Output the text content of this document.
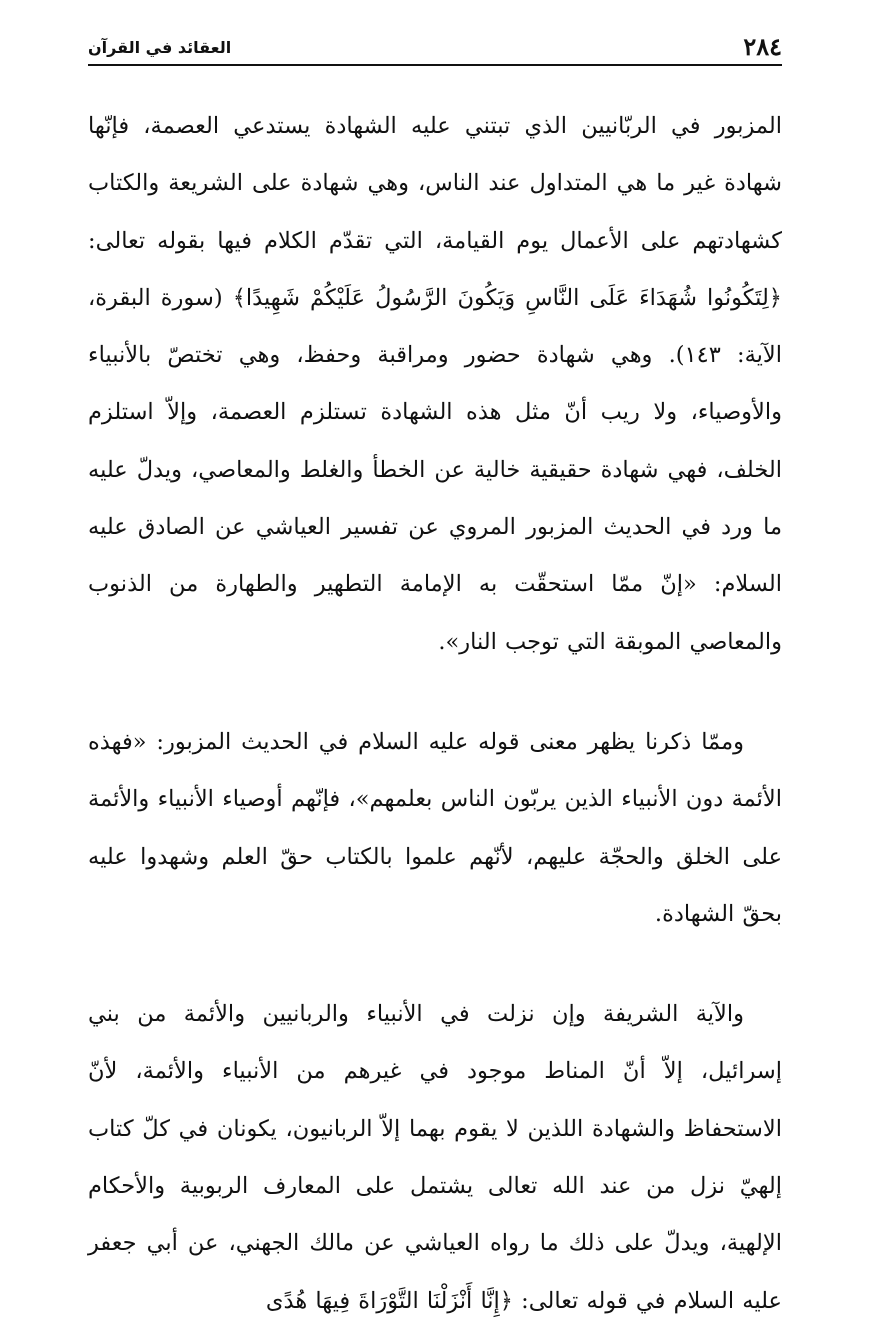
٢٨٤
العقائد في القرآن

المزبور في الربّانيين الذي تبتني عليه الشهادة يستدعي العصمة، فإنّها شهادة غير ما هي المتداول عند الناس، وهي شهادة على الشريعة والكتاب كشهادتهم على الأعمال يوم القيامة، التي تقدّم الكلام فيها بقوله تعالى: ﴿لِتَكُونُوا شُهَدَاءَ عَلَى النَّاسِ وَيَكُونَ الرَّسُولُ عَلَيْكُمْ شَهِيدًا﴾ (سورة البقرة، الآية: ١٤٣). وهي شهادة حضور ومراقبة وحفظ، وهي تختصّ بالأنبياء والأوصياء، ولا ريب أنّ مثل هذه الشهادة تستلزم العصمة، وإلاّ استلزم الخلف، فهي شهادة حقيقية خالية عن الخطأ والغلط والمعاصي، ويدلّ عليه ما ورد في الحديث المزبور المروي عن تفسير العياشي عن الصادق عليه السلام: «إنّ ممّا استحقّت به الإمامة التطهير والطهارة من الذنوب والمعاصي الموبقة التي توجب النار».

وممّا ذكرنا يظهر معنى قوله عليه السلام في الحديث المزبور: «فهذه الأئمة دون الأنبياء الذين يربّون الناس بعلمهم»، فإنّهم أوصياء الأنبياء والأئمة على الخلق والحجّة عليهم، لأنّهم علموا بالكتاب حقّ العلم وشهدوا عليه بحقّ الشهادة.

والآية الشريفة وإن نزلت في الأنبياء والربانيين والأئمة من بني إسرائيل، إلاّ أنّ المناط موجود في غيرهم من الأنبياء والأئمة، لأنّ الاستحفاظ والشهادة اللذين لا يقوم بهما إلاّ الربانيون، يكونان في كلّ كتاب إلهيّ نزل من عند الله تعالى يشتمل على المعارف الربوبية والأحكام الإلهية، ويدلّ على ذلك ما رواه العياشي عن مالك الجهني، عن أبي جعفر عليه السلام في قوله تعالى: ﴿إِنَّا أَنْزَلْنَا التَّوْرَاةَ فِيهَا هُدًى
